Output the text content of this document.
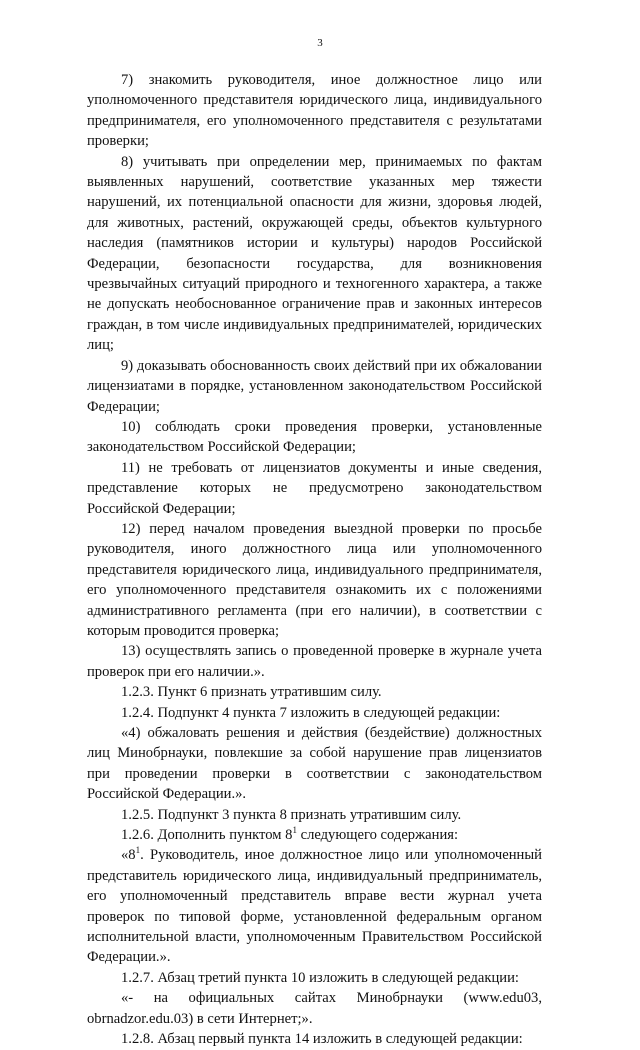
3

7) знакомить руководителя, иное должностное лицо или уполномоченного представителя юридического лица, индивидуального предпринимателя, его уполномоченного представителя с результатами проверки;

8) учитывать при определении мер, принимаемых по фактам выявленных нарушений, соответствие указанных мер тяжести нарушений, их потенциальной опасности для жизни, здоровья людей, для животных, растений, окружающей среды, объектов культурного наследия (памятников истории и культуры) народов Российской Федерации, безопасности государства, для возникновения чрезвычайных ситуаций природного и техногенного характера, а также не допускать необоснованное ограничение прав и законных интересов граждан, в том числе индивидуальных предпринимателей, юридических лиц;

9) доказывать обоснованность своих действий при их обжаловании лицензиатами в порядке, установленном законодательством Российской Федерации;

10) соблюдать сроки проведения проверки, установленные законодательством Российской Федерации;

11) не требовать от лицензиатов документы и иные сведения, представление которых не предусмотрено законодательством Российской Федерации;

12) перед началом проведения выездной проверки по просьбе руководителя, иного должностного лица или уполномоченного представителя юридического лица, индивидуального предпринимателя, его уполномоченного представителя ознакомить их с положениями административного регламента (при его наличии), в соответствии с которым проводится проверка;

13) осуществлять запись о проведенной проверке в журнале учета проверок при его наличии.».

1.2.3. Пункт 6 признать утратившим силу.

1.2.4. Подпункт 4 пункта 7 изложить в следующей редакции:

«4) обжаловать решения и действия (бездействие) должностных лиц Минобрнауки, повлекшие за собой нарушение прав лицензиатов при проведении проверки в соответствии с законодательством Российской Федерации.».

1.2.5. Подпункт 3 пункта 8 признать утратившим силу.

1.2.6. Дополнить пунктом $8^1$ следующего содержания:

«$8^1$. Руководитель, иное должностное лицо или уполномоченный представитель юридического лица, индивидуальный предприниматель, его уполномоченный представитель вправе вести журнал учета проверок по типовой форме, установленной федеральным органом исполнительной власти, уполномоченным Правительством Российской Федерации.».

1.2.7. Абзац третий пункта 10 изложить в следующей редакции:

«- на официальных сайтах Минобрнауки (www.edu03, obrnadzor.edu.03) в сети Интернет;».

1.2.8. Абзац первый пункта 14 изложить в следующей редакции:
